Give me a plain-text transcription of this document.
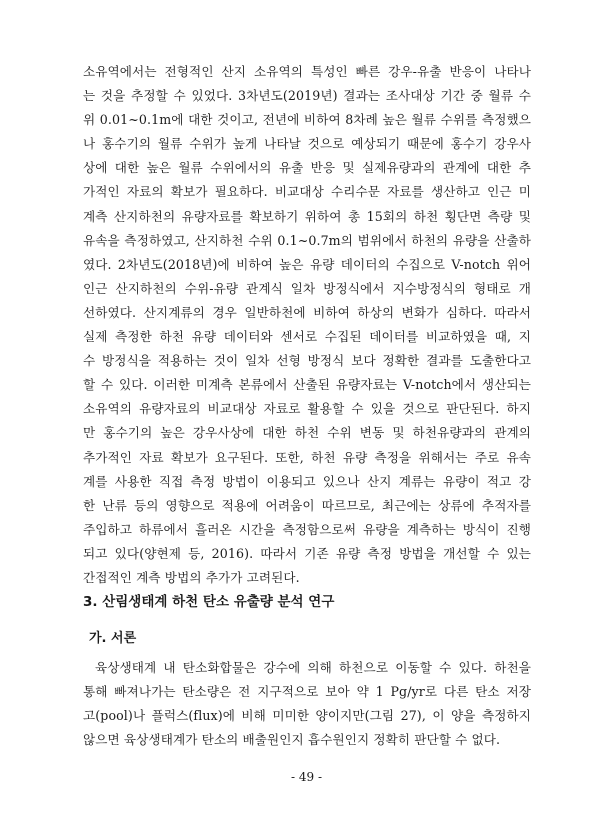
소유역에서는 전형적인 산지 소유역의 특성인 빠른 강우-유출 반응이 나타나
는 것을 추정할 수 있었다. 3차년도(2019년) 결과는 조사대상 기간 중 월류 수
위 0.01~0.1m에 대한 것이고, 전년에 비하여 8차례 높은 월류 수위를 측정했으
나 홍수기의 월류 수위가 높게 나타날 것으로 예상되기 때문에 홍수기 강우사
상에 대한 높은 월류 수위에서의 유출 반응 및 실제유량과의 관계에 대한 추
가적인 자료의 확보가 필요하다. 비교대상 수리수문 자료를 생산하고 인근 미
계측 산지하천의 유량자료를 확보하기 위하여 총 15회의 하천 횡단면 측량 및
유속을 측정하였고, 산지하천 수위 0.1~0.7m의 범위에서 하천의 유량을 산출하
였다. 2차년도(2018년)에 비하여 높은 유량 데이터의 수집으로 V-notch 위어
인근 산지하천의 수위-유량 관계식 일차 방정식에서 지수방정식의 형태로 개
선하였다. 산지계류의 경우 일반하천에 비하여 하상의 변화가 심하다. 따라서
실제 측정한 하천 유량 데이터와 센서로 수집된 데이터를 비교하였을 때, 지
수 방정식을 적용하는 것이 일차 선형 방정식 보다 정확한 결과를 도출한다고
할 수 있다. 이러한 미계측 본류에서 산출된 유량자료는 V-notch에서 생산되는
소유역의 유량자료의 비교대상 자료로 활용할 수 있을 것으로 판단된다. 하지
만 홍수기의 높은 강우사상에 대한 하천 수위 변동 및 하천유량과의 관계의
추가적인 자료 확보가 요구된다. 또한, 하천 유량 측정을 위해서는 주로 유속
계를 사용한 직접 측정 방법이 이용되고 있으나 산지 계류는 유량이 적고 강
한 난류 등의 영향으로 적용에 어려움이 따르므로, 최근에는 상류에 추적자를
주입하고 하류에서 흘러온 시간을 측정함으로써 유량을 계측하는 방식이 진행
되고 있다(양현제 등, 2016). 따라서 기존 유량 측정 방법을 개선할 수 있는
간접적인 계측 방법의 추가가 고려된다.
3. 산림생태계 하천 탄소 유출량 분석 연구
가. 서론
육상생태계 내 탄소화합물은 강수에 의해 하천으로 이동할 수 있다. 하천을
통해 빠져나가는 탄소량은 전 지구적으로 보아 약 1 Pg/yr로 다른 탄소 저장
고(pool)나 플럭스(flux)에 비해 미미한 양이지만(그림 27), 이 양을 측정하지
않으면 육상생태계가 탄소의 배출원인지 흡수원인지 정확히 판단할 수 없다.
- 49 -
